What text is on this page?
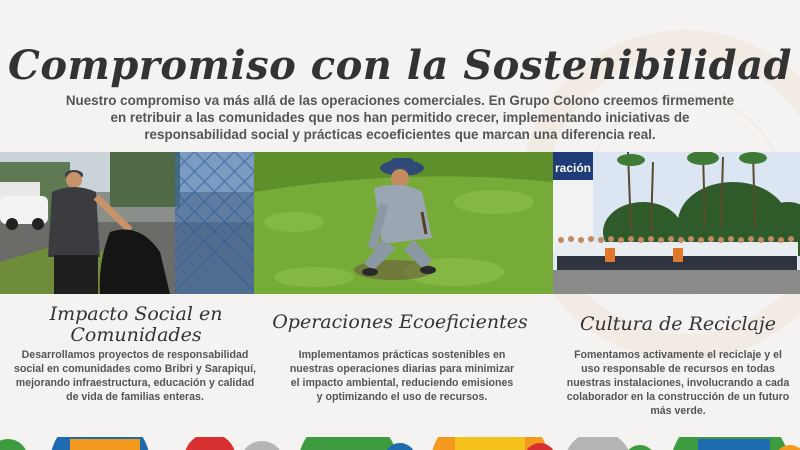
Compromiso con la Sostenibilidad
Nuestro compromiso va más allá de las operaciones comerciales. En Grupo Colono creemos firmemente en retribuir a las comunidades que nos han permitido crecer, implementando iniciativas de responsabilidad social y prácticas ecoeficientes que marcan una diferencia real.
ración
Impacto Social en Comunidades
Desarrollamos proyectos de responsabilidad social en comunidades como Bribri y Sarapiquí, mejorando infraestructura, educación y calidad de vida de familias enteras.
Operaciones Ecoeficientes
Implementamos prácticas sostenibles en nuestras operaciones diarias para minimizar el impacto ambiental, reduciendo emisiones y optimizando el uso de recursos.
Cultura de Reciclaje
Fomentamos activamente el reciclaje y el uso responsable de recursos en todas nuestras instalaciones, involucrando a cada colaborador en la construcción de un futuro más verde.
